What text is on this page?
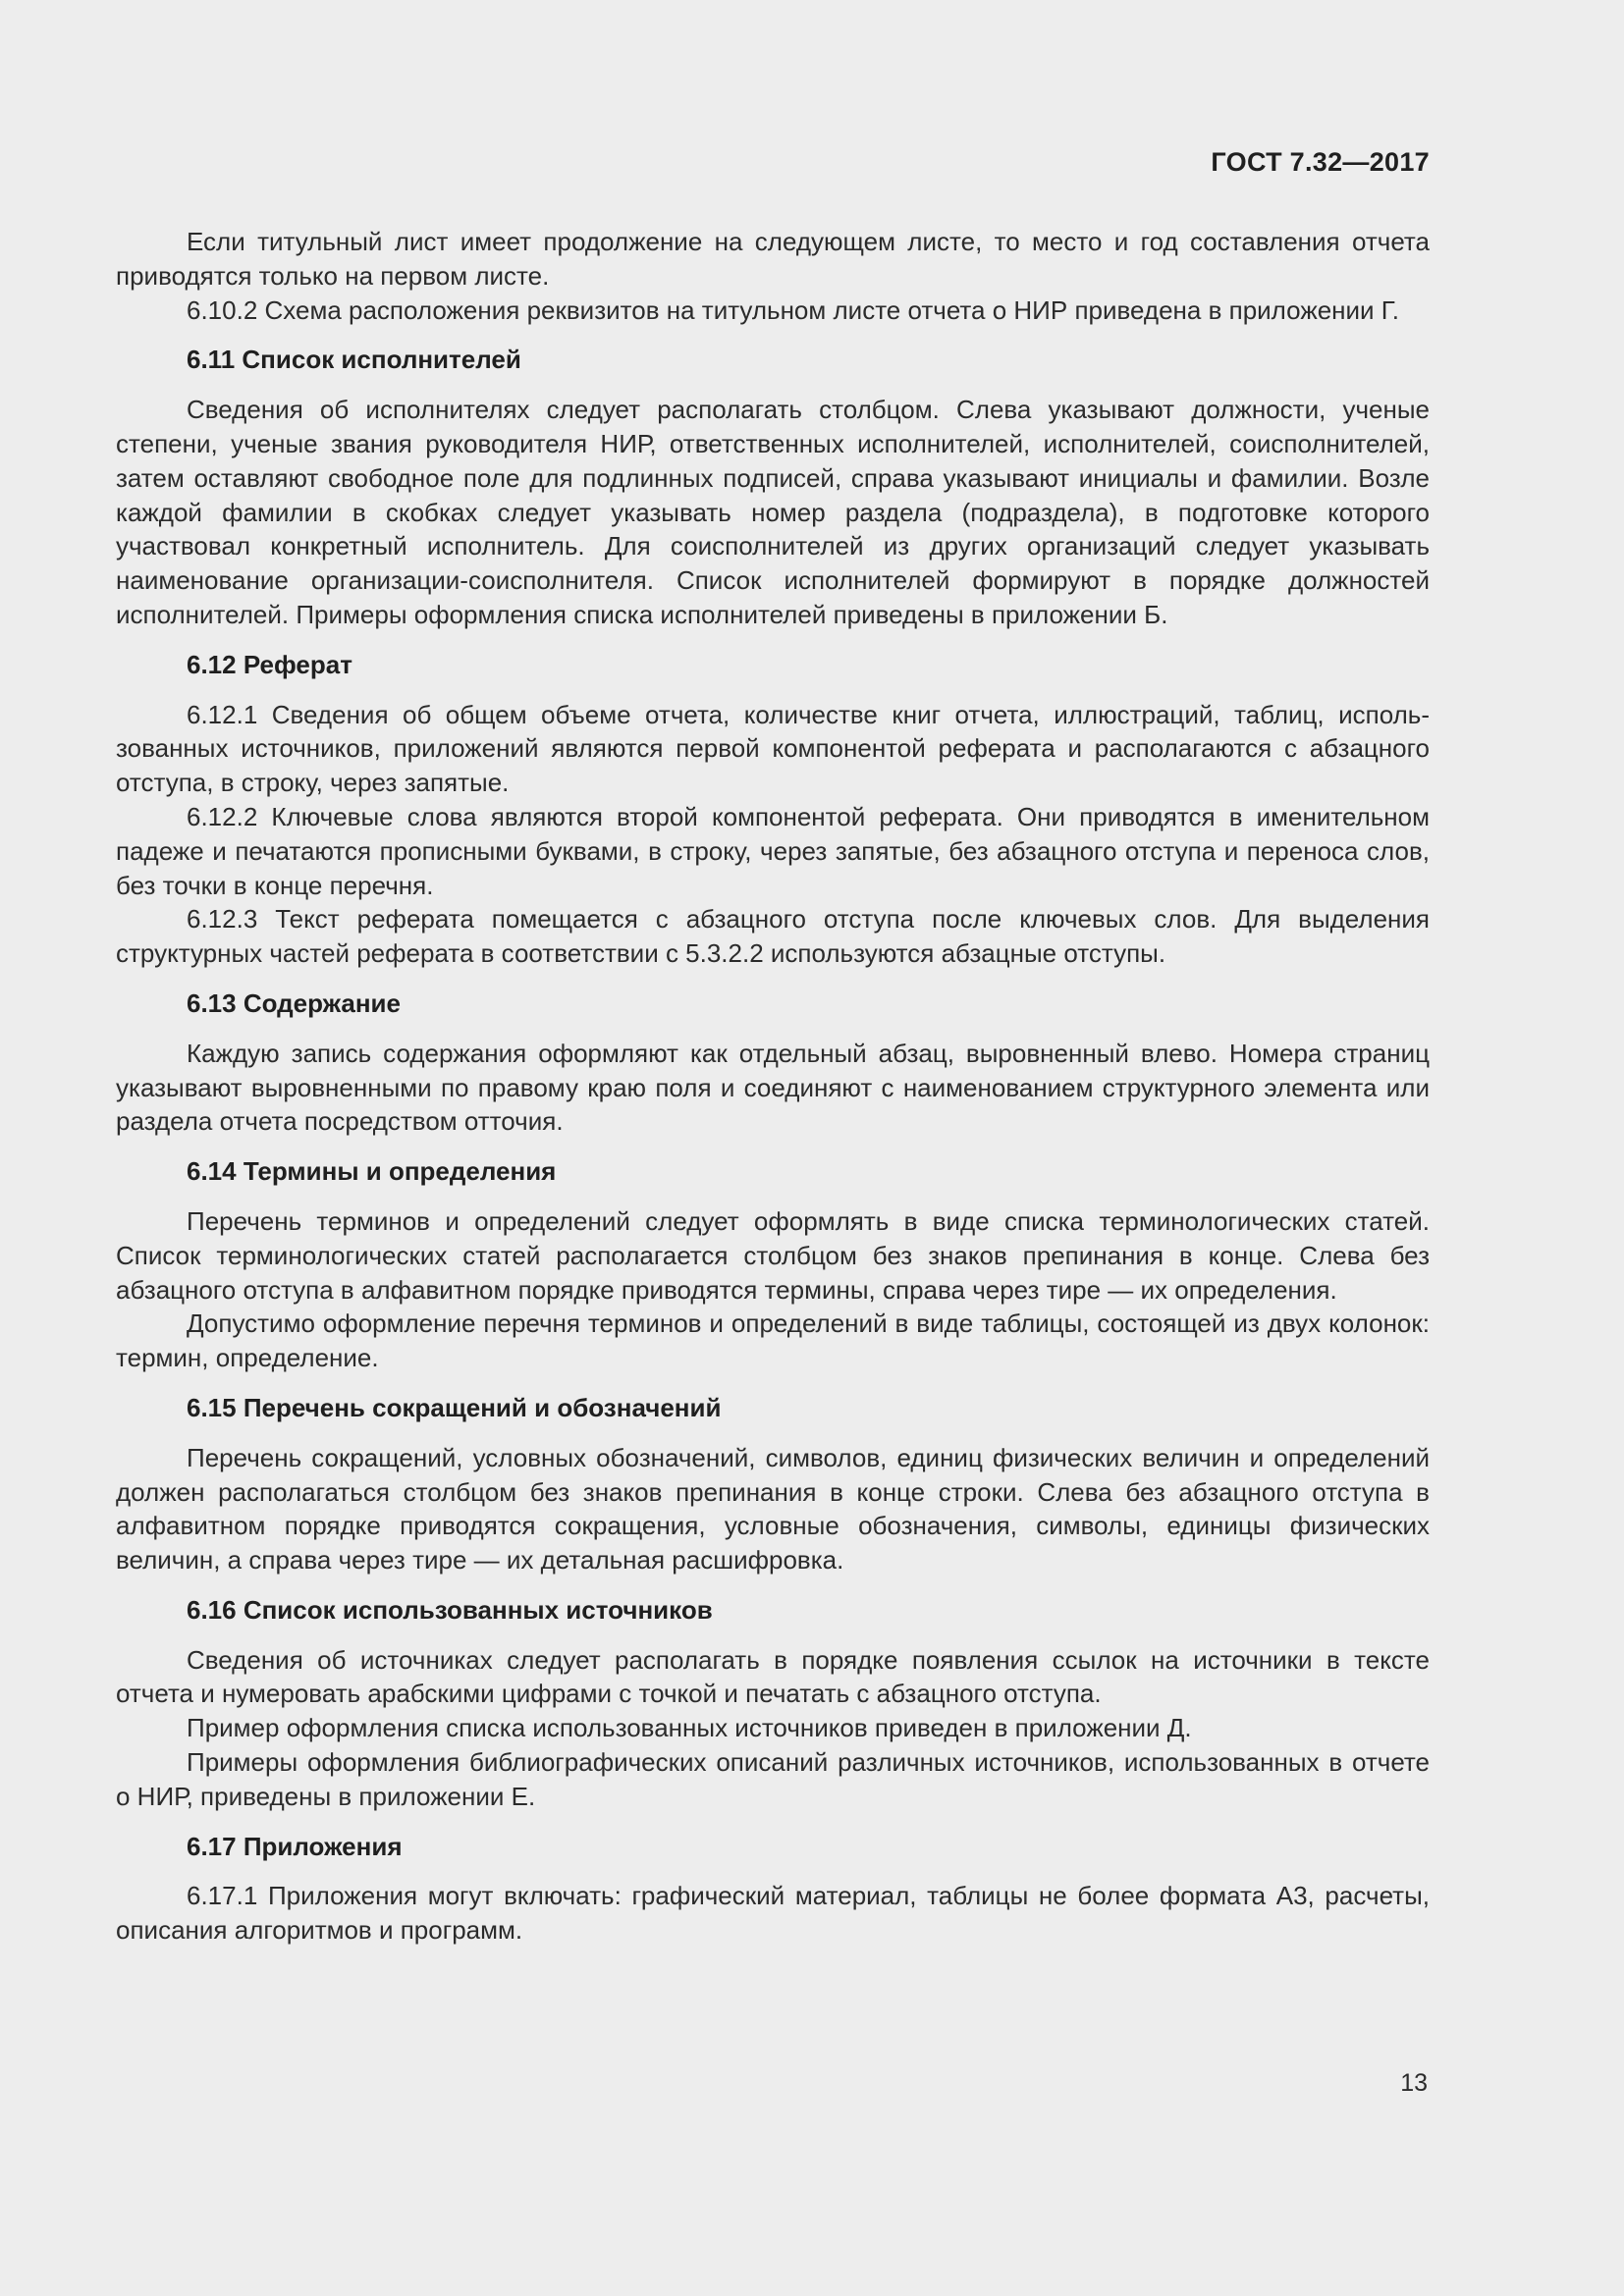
ГОСТ 7.32—2017

Если титульный лист имеет продолжение на следующем листе, то место и год составления отчета приводятся только на первом листе.

6.10.2 Схема расположения реквизитов на титульном листе отчета о НИР приведена в приложении Г.

6.11 Список исполнителей

Сведения об исполнителях следует располагать столбцом. Слева указывают должности, ученые степени, ученые звания руководителя НИР, ответственных исполнителей, исполнителей, соисполнителей, затем оставляют свободное поле для подлинных подписей, справа указывают инициалы и фамилии. Возле каждой фамилии в скобках следует указывать номер раздела (подраздела), в подготовке которого участвовал конкретный исполнитель. Для соисполнителей из других организаций следует указывать наименование организации-соисполнителя. Список исполнителей формируют в порядке должностей исполнителей. Примеры оформления списка исполнителей приведены в приложении Б.

6.12 Реферат

6.12.1 Сведения об общем объеме отчета, количестве книг отчета, иллюстраций, таблиц, использованных источников, приложений являются первой компонентой реферата и располагаются с абзацного отступа, в строку, через запятые.

6.12.2 Ключевые слова являются второй компонентой реферата. Они приводятся в именительном падеже и печатаются прописными буквами, в строку, через запятые, без абзацного отступа и переноса слов, без точки в конце перечня.

6.12.3 Текст реферата помещается с абзацного отступа после ключевых слов. Для выделения структурных частей реферата в соответствии с 5.3.2.2 используются абзацные отступы.

6.13 Содержание

Каждую запись содержания оформляют как отдельный абзац, выровненный влево. Номера страниц указывают выровненными по правому краю поля и соединяют с наименованием структурного элемента или раздела отчета посредством отточия.

6.14 Термины и определения

Перечень терминов и определений следует оформлять в виде списка терминологических статей. Список терминологических статей располагается столбцом без знаков препинания в конце. Слева без абзацного отступа в алфавитном порядке приводятся термины, справа через тире — их определения.

Допустимо оформление перечня терминов и определений в виде таблицы, состоящей из двух колонок: термин, определение.

6.15 Перечень сокращений и обозначений

Перечень сокращений, условных обозначений, символов, единиц физических величин и определений должен располагаться столбцом без знаков препинания в конце строки. Слева без абзацного отступа в алфавитном порядке приводятся сокращения, условные обозначения, символы, единицы физических величин, а справа через тире — их детальная расшифровка.

6.16 Список использованных источников

Сведения об источниках следует располагать в порядке появления ссылок на источники в тексте отчета и нумеровать арабскими цифрами с точкой и печатать с абзацного отступа.

Пример оформления списка использованных источников приведен в приложении Д.

Примеры оформления библиографических описаний различных источников, использованных в отчете о НИР, приведены в приложении Е.

6.17 Приложения

6.17.1 Приложения могут включать: графический материал, таблицы не более формата А3, расчеты, описания алгоритмов и программ.

13
